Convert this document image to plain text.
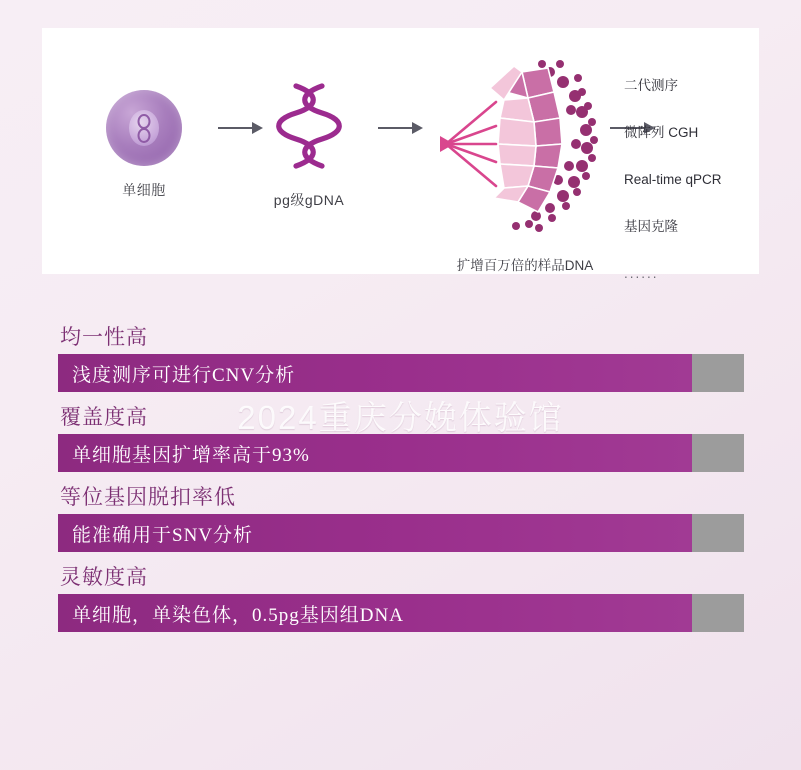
单细胞
pg级gDNA
扩增百万倍的样品DNA
二代测序
微阵列 CGH
Real-time qPCR
基因克隆
......
均一性高
浅度测序可进行CNV分析
覆盖度高
单细胞基因扩增率高于93%
等位基因脱扣率低
能准确用于SNV分析
灵敏度高
单细胞，单染色体，0.5pg基因组DNA
2024重庆分娩体验馆
